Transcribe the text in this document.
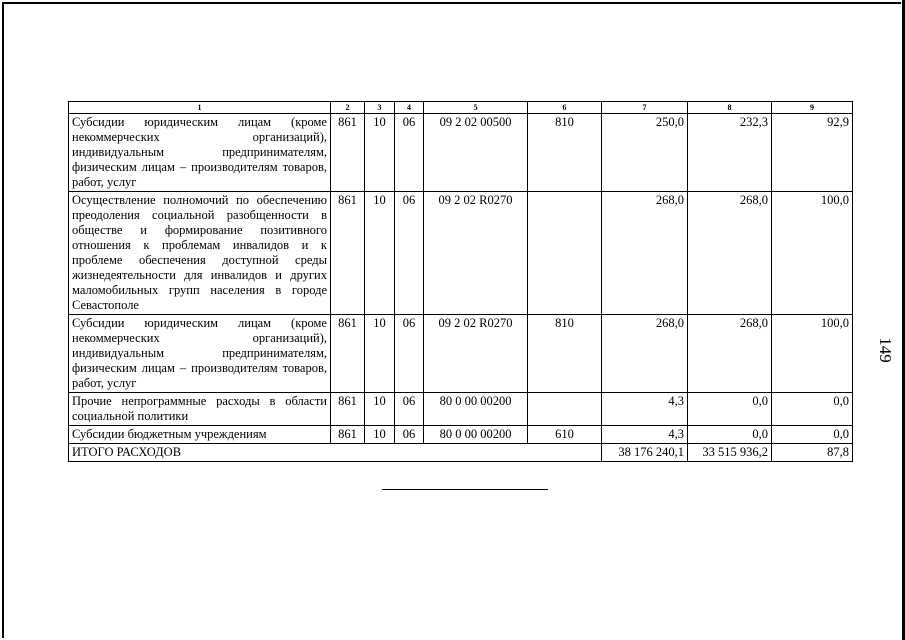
1	2	3	4	5	6	7	8	9
Субсидии юридическим лицам (кроме некоммерческих организаций), индивидуальным предпринимателям, физическим лицам – производителям товаров, работ, услуг	861	10	06	09 2 02 00500	810	250,0	232,3	92,9
Осуществление полномочий по обеспечению преодоления социальной разобщенности в обществе и формирование позитивного отношения к проблемам инвалидов и к проблеме обеспечения доступной среды жизнедеятельности для инвалидов и других маломобильных групп населения в городе Севастополе	861	10	06	09 2 02 R0270		268,0	268,0	100,0
Субсидии юридическим лицам (кроме некоммерческих организаций), индивидуальным предпринимателям, физическим лицам – производителям товаров, работ, услуг	861	10	06	09 2 02 R0270	810	268,0	268,0	100,0
Прочие непрограммные расходы в области социальной политики	861	10	06	80 0 00 00200		4,3	0,0	0,0
Субсидии бюджетным учреждениям	861	10	06	80 0 00 00200	610	4,3	0,0	0,0
ИТОГО РАСХОДОВ						38 176 240,1	33 515 936,2	87,8
149
